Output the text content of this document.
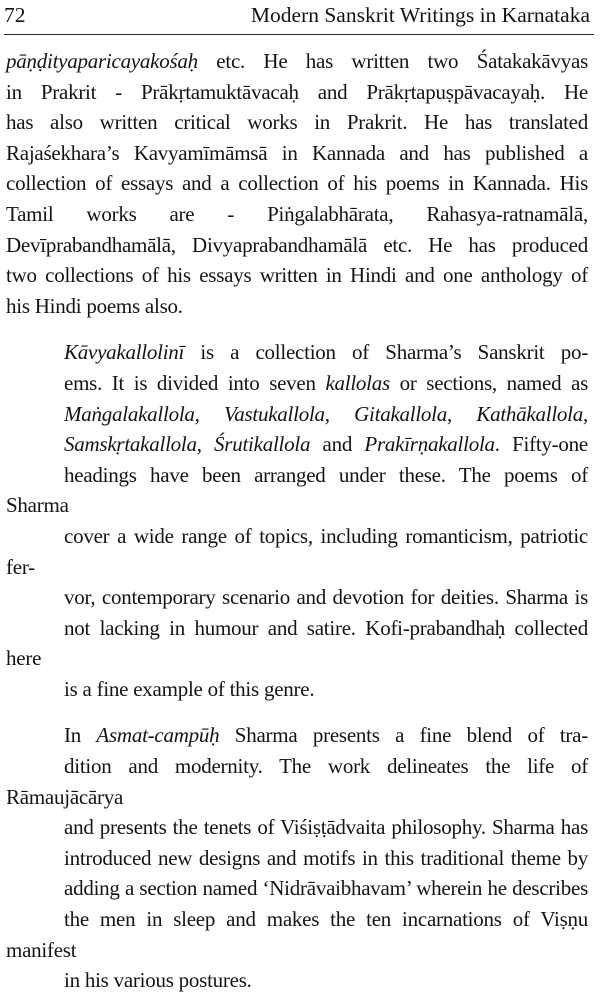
72	Modern Sanskrit Writings in Karnataka

pāṇḍityaparicayakośaḥ etc. He has written two Śatakakāvyas
in Prakrit - Prākṛtamuktāvacaḥ and Prākṛtapuṣpāvacayaḥ. He
has also written critical works in Prakrit. He has translated
Rajaśekhara’s Kavyamīmāmsā in Kannada and has published a
collection of essays and a collection of his poems in Kannada. His
Tamil works are - Piṅgalabhārata, Rahasya-ratnamālā,
Devīprabandhamālā, Divyaprabandhamālā etc. He has produced
two collections of his essays written in Hindi and one anthology of
his Hindi poems also.

Kāvyakallolinī is a collection of Sharma’s Sanskrit po-
ems. It is divided into seven kallolas or sections, named as
Maṅgalakallola, Vastukallola, Gitakallola, Kathākallola,
Samskṛtakallola, Śrutikallola and Prakīrṇakallola. Fifty-one
headings have been arranged under these. The poems of Sharma
cover a wide range of topics, including romanticism, patriotic fer-
vor, contemporary scenario and devotion for deities. Sharma is
not lacking in humour and satire. Kofi-prabandhaḥ collected here
is a fine example of this genre.

In Asmat-campūḥ Sharma presents a fine blend of tra-
dition and modernity. The work delineates the life of Rāmaujācārya
and presents the tenets of Viśiṣṭādvaita philosophy. Sharma has
introduced new designs and motifs in this traditional theme by
adding a section named ‘Nidrāvaibhavam’ wherein he describes
the men in sleep and makes the ten incarnations of Viṣṇu manifest
in his various postures.
